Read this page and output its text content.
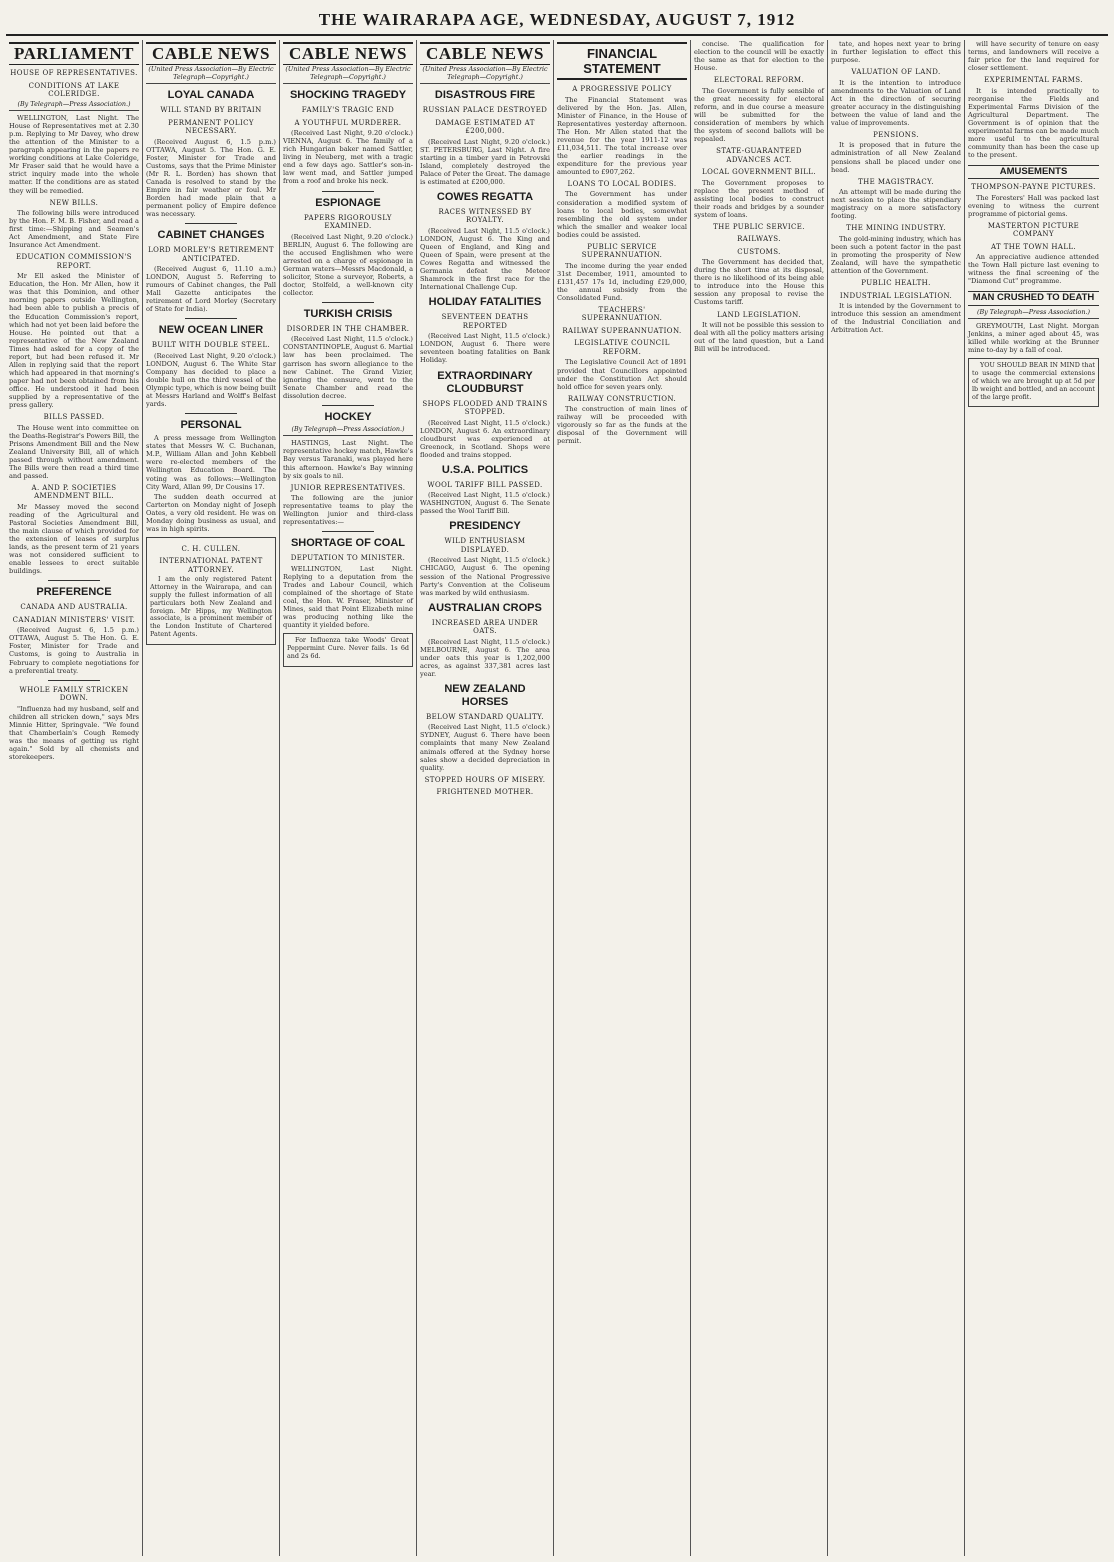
THE WAIRARAPA AGE, WEDNESDAY, AUGUST 7, 1912
PARLIAMENT
HOUSE OF REPRESENTATIVES.
CONDITIONS AT LAKE COLERIDGE.
(By Telegraph—Press Association.)

WELLINGTON, Last Night. The House of Representatives met at 2.30 p.m. Replying to Mr Davey, who drew the attention of the Minister to a paragraph appearing in the papers re working conditions at Lake Coleridge, Mr Fraser said that he would have a strict inquiry made into the whole matter. If the conditions are as stated they will be remedied.

NEW BILLS.

The following bills were introduced by the Hon. F. M. B. Fisher, and read a first time:—Shipping and Seamen's Act Amendment, and State Fire Insurance Act Amendment.

EDUCATION COMMISSION'S REPORT.

Mr Ell asked the Minister of Education, the Hon. Mr Allen, how it was that this Dominion, and other morning papers outside Wellington, had been able to publish a precis of the Education Commission's report, which had not yet been laid before the House. He pointed out that a representative of the New Zealand Times had asked for a copy of the report, but had been refused it. Mr Allen in replying said that the report which had appeared in that morning's paper had not been obtained from his office. He understood it had been supplied by a representative of the press gallery.

BILLS PASSED.

The House went into committee on the Deaths-Registrar's Powers Bill, the Prisons Amendment Bill and the New Zealand University Bill, all of which passed through without amendment. The Bills were then read a third time and passed.

A. AND P. SOCIETIES AMENDMENT BILL.

Mr Massey moved the second reading of the Agricultural and Pastoral Societies Amendment Bill, the main clause of which provided for the extension of leases of surplus lands, as the present term of 21 years was not considered sufficient to enable lessees to erect suitable buildings.

PREFERENCE
CANADA AND AUSTRALIA.
CANADIAN MINISTERS' VISIT.

(Received August 6, 1.5 p.m.) OTTAWA, August 5. The Hon. G. E. Foster, Minister for Trade and Customs, is going to Australia in February to complete negotiations for a preferential treaty.

WHOLE FAMILY STRICKEN DOWN.

"Influenza had my husband, self and children all stricken down," says Mrs Minnie Hitter, Springvale. "We found that Chamberlain's Cough Remedy was the means of getting us right again." Sold by all chemists and storekeepers.

CABLE NEWS
(United Press Association—By Electric Telegraph—Copyright.)
LOYAL CANADA
WILL STAND BY BRITAIN
PERMANENT POLICY NECESSARY.

(Received August 6, 1.5 p.m.) OTTAWA, August 5. The Hon. G. E. Foster, Minister for Trade and Customs, says that the Prime Minister (Mr R. L. Borden) has shown that Canada is resolved to stand by the Empire in fair weather or foul. Mr Borden had made plain that a permanent policy of Empire defence was necessary.

CABINET CHANGES
LORD MORLEY'S RETIREMENT ANTICIPATED.

(Received August 6, 11.10 a.m.) LONDON, August 5. Referring to rumours of Cabinet changes, the Pall Mall Gazette anticipates the retirement of Lord Morley (Secretary of State for India).

NEW OCEAN LINER
BUILT WITH DOUBLE STEEL.

(Received Last Night, 9.20 o'clock.) LONDON, August 6. The White Star Company has decided to place a double hull on the third vessel of the Olympic type, which is now being built at Messrs Harland and Wolff's Belfast yards.

PERSONAL

A press message from Wellington states that Messrs W. C. Buchanan, M.P., William Allan and John Kebbell were re-elected members of the Wellington Education Board. The voting was as follows:—Wellington City Ward, Allan 99, Dr Cousins 17.

The sudden death occurred at Carterton on Monday night of Joseph Oates, a very old resident. He was on Monday doing business as usual, and was in high spirits.

C. H. CULLEN.
INTERNATIONAL PATENT ATTORNEY.

I am the only registered Patent Attorney in the Wairarapa, and can supply the fullest information of all particulars both New Zealand and foreign. Mr Hipps, my Wellington associate, is a prominent member of the London Institute of Chartered Patent Agents.

CABLE NEWS
(United Press Association—By Electric Telegraph—Copyright.)
SHOCKING TRAGEDY
FAMILY'S TRAGIC END
A YOUTHFUL MURDERER.

(Received Last Night, 9.20 o'clock.) VIENNA, August 6. The family of a rich Hungarian baker named Sattler, living in Neuberg, met with a tragic end a few days ago. Sattler's son-in-law went mad, and Sattler jumped from a roof and broke his neck.

ESPIONAGE
PAPERS RIGOROUSLY EXAMINED.

(Received Last Night, 9.20 o'clock.) BERLIN, August 6. The following are the accused Englishmen who were arrested on a charge of espionage in German waters—Messrs Macdonald, a solicitor, Stone a surveyor, Roberts, a doctor, Stolfeld, a well-known city collector.

TURKISH CRISIS
DISORDER IN THE CHAMBER.

(Received Last Night, 11.5 o'clock.) CONSTANTINOPLE, August 6. Martial law has been proclaimed. The garrison has sworn allegiance to the new Cabinet. The Grand Vizier, ignoring the censure, went to the Senate Chamber and read the dissolution decree.

HOCKEY
(By Telegraph—Press Association.)

HASTINGS, Last Night. The representative hockey match, Hawke's Bay versus Taranaki, was played here this afternoon. Hawke's Bay winning by six goals to nil.

JUNIOR REPRESENTATIVES.

The following are the junior representative teams to play the Wellington junior and third-class representatives:—

SHORTAGE OF COAL
DEPUTATION TO MINISTER.

WELLINGTON, Last Night. Replying to a deputation from the Trades and Labour Council, which complained of the shortage of State coal, the Hon. W. Fraser, Minister of Mines, said that Point Elizabeth mine was producing nothing like the quantity it yielded before.

For Influenza take Woods' Great Peppermint Cure. Never fails. 1s 6d and 2s 6d.

CABLE NEWS
(United Press Association—By Electric Telegraph—Copyright.)
DISASTROUS FIRE
RUSSIAN PALACE DESTROYED
DAMAGE ESTIMATED AT £200,000.

(Received Last Night, 9.20 o'clock.) ST. PETERSBURG, Last Night. A fire starting in a timber yard in Petrovski Island, completely destroyed the Palace of Peter the Great. The damage is estimated at £200,000.

COWES REGATTA
RACES WITNESSED BY ROYALTY.

(Received Last Night, 11.5 o'clock.) LONDON, August 6. The King and Queen of England, and King and Queen of Spain, were present at the Cowes Regatta and witnessed the Germania defeat the Meteor Shamrock in the first race for the International Challenge Cup.

HOLIDAY FATALITIES
SEVENTEEN DEATHS REPORTED

(Received Last Night, 11.5 o'clock.) LONDON, August 6. There were seventeen boating fatalities on Bank Holiday.

EXTRAORDINARY CLOUDBURST
SHOPS FLOODED AND TRAINS STOPPED.

(Received Last Night, 11.5 o'clock.) LONDON, August 6. An extraordinary cloudburst was experienced at Greenock, in Scotland. Shops were flooded and trains stopped.

U.S.A. POLITICS
WOOL TARIFF BILL PASSED.

(Received Last Night, 11.5 o'clock.) WASHINGTON, August 6. The Senate passed the Wool Tariff Bill.

PRESIDENCY
WILD ENTHUSIASM DISPLAYED.

(Received Last Night, 11.5 o'clock.) CHICAGO, August 6. The opening session of the National Progressive Party's Convention at the Coliseum was marked by wild enthusiasm.

AUSTRALIAN CROPS
INCREASED AREA UNDER OATS.

(Received Last Night, 11.5 o'clock.) MELBOURNE, August 6. The area under oats this year is 1,202,000 acres, as against 337,381 acres last year.

NEW ZEALAND HORSES
BELOW STANDARD QUALITY.

(Received Last Night, 11.5 o'clock.) SYDNEY, August 6. There have been complaints that many New Zealand animals offered at the Sydney horse sales show a decided depreciation in quality.

STOPPED HOURS OF MISERY.
FRIGHTENED MOTHER.
FINANCIAL STATEMENT
A PROGRESSIVE POLICY

The Financial Statement was delivered by the Hon. Jas. Allen, Minister of Finance, in the House of Representatives yesterday afternoon. The Hon. Mr Allen stated that the revenue for the year 1911-12 was £11,034,511. The total increase over the earlier readings in the expenditure for the previous year amounted to £907,262.

LOANS TO LOCAL BODIES.

The Government has under consideration a modified system of loans to local bodies, somewhat resembling the old system under which the smaller and weaker local bodies could be assisted.

PUBLIC SERVICE SUPERANNUATION.

The income during the year ended 31st December, 1911, amounted to £131,457 17s 1d, including £29,000, the annual subsidy from the Consolidated Fund.

TEACHERS' SUPERANNUATION.
RAILWAY SUPERANNUATION.
LEGISLATIVE COUNCIL REFORM.

The Legislative Council Act of 1891 provided that Councillors appointed under the Constitution Act should hold office for seven years only.

RAILWAY CONSTRUCTION.

The construction of main lines of railway will be proceeded with vigorously so far as the funds at the disposal of the Government will permit.

concise. The qualification for election to the council will be exactly the same as that for election to the House.

ELECTORAL REFORM.

The Government is fully sensible of the great necessity for electoral reform, and in due course a measure will be submitted for the consideration of members by which the system of second ballots will be repealed.

STATE-GUARANTEED ADVANCES ACT.
LOCAL GOVERNMENT BILL.

The Government proposes to replace the present method of assisting local bodies to construct their roads and bridges by a sounder system of loans.

THE PUBLIC SERVICE.
RAILWAYS.
CUSTOMS.

The Government has decided that, during the short time at its disposal, there is no likelihood of its being able to introduce into the House this session any proposal to revise the Customs tariff.

LAND LEGISLATION.

It will not be possible this session to deal with all the policy matters arising out of the land question, but a Land Bill will be introduced.

tate, and hopes next year to bring in further legislation to effect this purpose.

VALUATION OF LAND.

It is the intention to introduce amendments to the Valuation of Land Act in the direction of securing greater accuracy in the distinguishing between the value of land and the value of improvements.

PENSIONS.

It is proposed that in future the administration of all New Zealand pensions shall be placed under one head.

THE MAGISTRACY.

An attempt will be made during the next session to place the stipendiary magistracy on a more satisfactory footing.

THE MINING INDUSTRY.

The gold-mining industry, which has been such a potent factor in the past in promoting the prosperity of New Zealand, will have the sympathetic attention of the Government.

PUBLIC HEALTH.
INDUSTRIAL LEGISLATION.

It is intended by the Government to introduce this session an amendment of the Industrial Conciliation and Arbitration Act.

will have security of tenure on easy terms, and landowners will receive a fair price for the land required for closer settlement.

EXPERIMENTAL FARMS.

It is intended practically to reorganise the Fields and Experimental Farms Division of the Agricultural Department. The Government is of opinion that the experimental farms can be made much more useful to the agricultural community than has been the case up to the present.

AMUSEMENTS
THOMPSON-PAYNE PICTURES.

The Foresters' Hall was packed last evening to witness the current programme of pictorial gems.

MASTERTON PICTURE COMPANY
AT THE TOWN HALL.

An appreciative audience attended the Town Hall picture last evening to witness the final screening of the "Diamond Cut" programme.

MAN CRUSHED TO DEATH
(By Telegraph—Press Association.)

GREYMOUTH, Last Night. Morgan Jenkins, a miner aged about 45, was killed while working at the Brunner mine to-day by a fall of coal.

YOU SHOULD BEAR IN MIND that to usage the commercial extensions of which we are brought up at 5d per lb weight and bottled, and an account of the large profit.
